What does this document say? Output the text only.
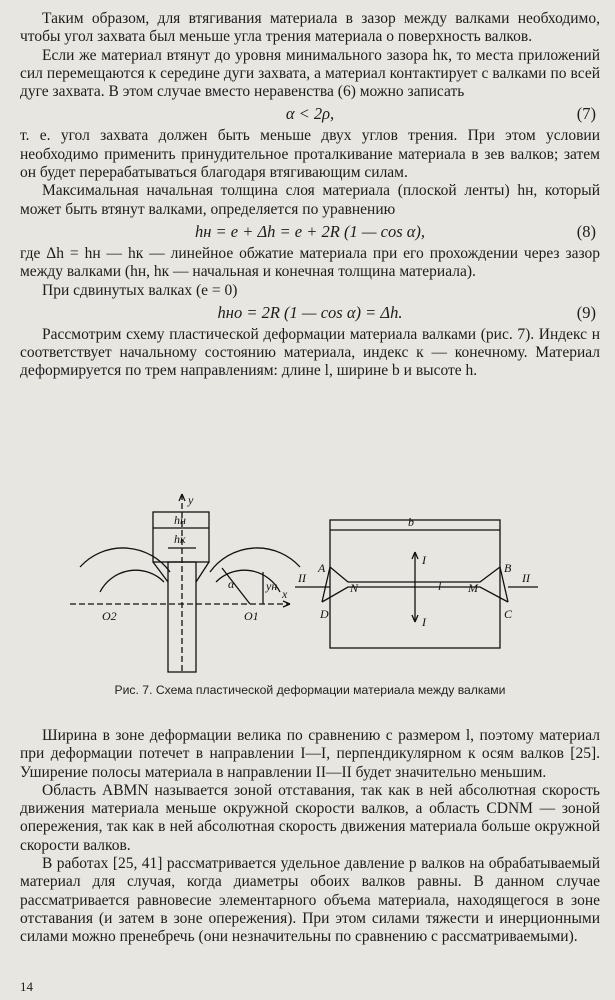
Таким образом, для втягивания материала в зазор между валками необходимо, чтобы угол захвата был меньше угла трения материала о поверхность валков.

Если же материал втянут до уровня минимального зазора hк, то места приложений сил перемещаются к середине дуги захвата, а материал контактирует с валками по всей дуге захвата. В этом случае вместо неравенства (6) можно записать

α < 2ρ,	(7)

т. е. угол захвата должен быть меньше двух углов трения. При этом условии необходимо применить принудительное проталкивание материала в зев валков; затем он будет перерабатываться благодаря втягивающим силам.

Максимальная начальная толщина слоя материала (плоской ленты) hн, который может быть втянут валками, определяется по уравнению

hн = e + Δh = e + 2R (1 — cos α),	(8)

где Δh = hн — hк — линейное обжатие материала при его прохождении через зазор между валками (hн, hк — начальная и конечная толщина материала).

При сдвинутых валках (e = 0)

hно = 2R (1 — cos α) = Δh.	(9)

Рассмотрим схему пластической деформации материала валками (рис. 7). Индекс н соответствует начальному состоянию материала, индекс к — конечному. Материал деформируется по трем направлениям: длине l, ширине b и высоте h.

y
hн
hк
yн
α
x
O2	O1
b
A	B
C
D
N	M
I
I
II	II
l
Рис. 7. Схема пластической деформации материала между валками

Ширина в зоне деформации велика по сравнению с размером l, поэтому материал при деформации потечет в направлении I—I, перпендикулярном к осям валков [25]. Уширение полосы материала в направлении II—II будет значительно меньшим.

Область ABMN называется зоной отставания, так как в ней абсолютная скорость движения материала меньше окружной скорости валков, а область CDNM — зоной опережения, так как в ней абсолютная скорость движения материала больше окружной скорости валков.

В работах [25, 41] рассматривается удельное давление p валков на обрабатываемый материал для случая, когда диаметры обоих валков равны. В данном случае рассматривается равновесие элементарного объема материала, находящегося в зоне отставания (и затем в зоне опережения). При этом силами тяжести и инерционными силами можно пренебречь (они незначительны по сравнению с рассматриваемыми).

14
